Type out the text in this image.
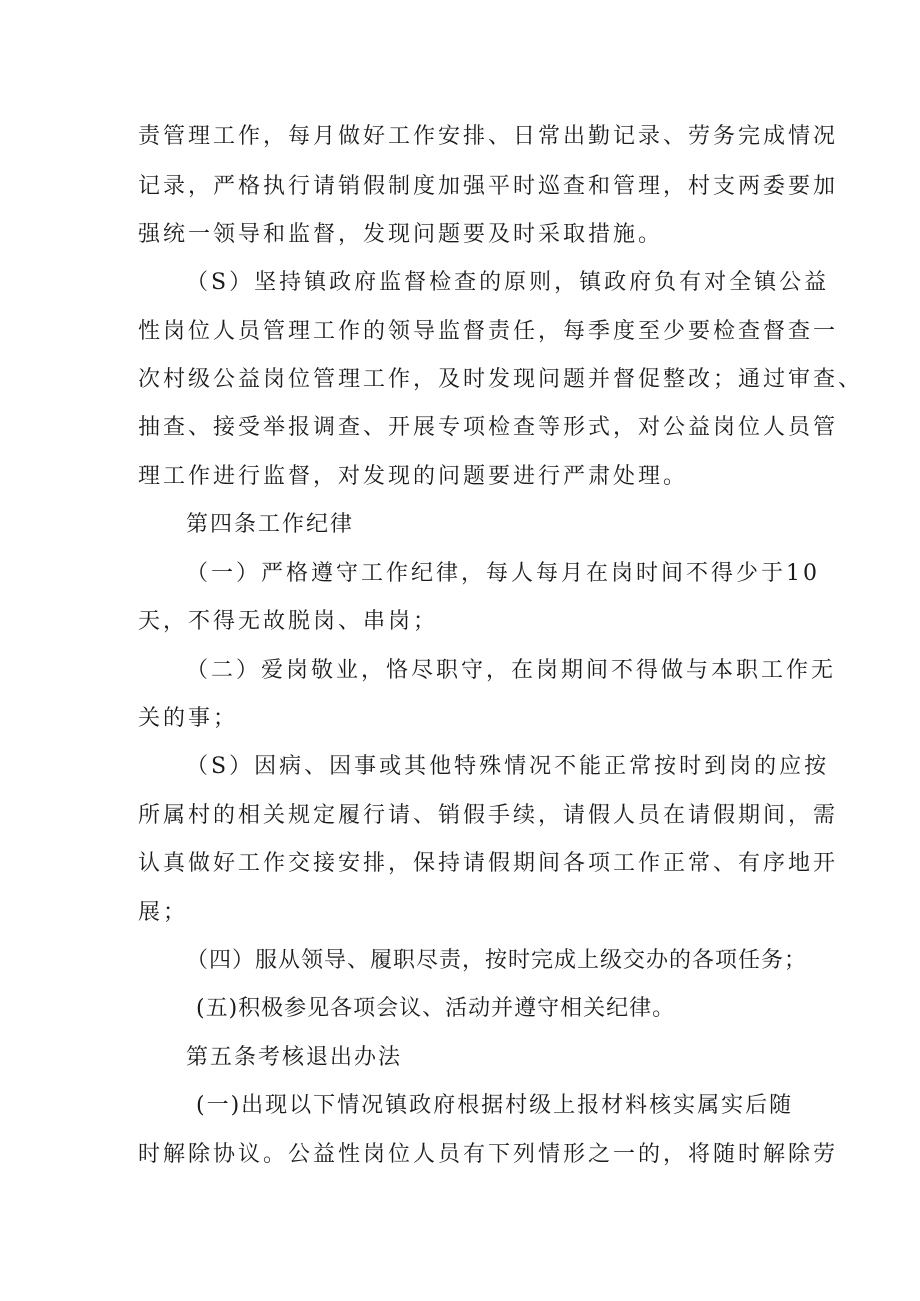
责管理工作，每月做好工作安排、日常出勤记录、劳务完成情况
记录，严格执行请销假制度加强平时巡查和管理，村支两委要加
强统一领导和监督，发现问题要及时采取措施。
（S）坚持镇政府监督检查的原则，镇政府负有对全镇公益
性岗位人员管理工作的领导监督责任，每季度至少要检查督查一
次村级公益岗位管理工作，及时发现问题并督促整改；通过审查、
抽查、接受举报调查、开展专项检查等形式，对公益岗位人员管
理工作进行监督，对发现的问题要进行严肃处理。
第四条工作纪律
（一）严格遵守工作纪律，每人每月在岗时间不得少于10
天，不得无故脱岗、串岗；
（二）爱岗敬业，恪尽职守，在岗期间不得做与本职工作无
关的事；
（S）因病、因事或其他特殊情况不能正常按时到岗的应按
所属村的相关规定履行请、销假手续，请假人员在请假期间，需
认真做好工作交接安排，保持请假期间各项工作正常、有序地开
展；
（四）服从领导、履职尽责，按时完成上级交办的各项任务；
(五)积极参见各项会议、活动并遵守相关纪律。
第五条考核退出办法
(一)出现以下情况镇政府根据村级上报材料核实属实后随
时解除协议。公益性岗位人员有下列情形之一的，将随时解除劳
